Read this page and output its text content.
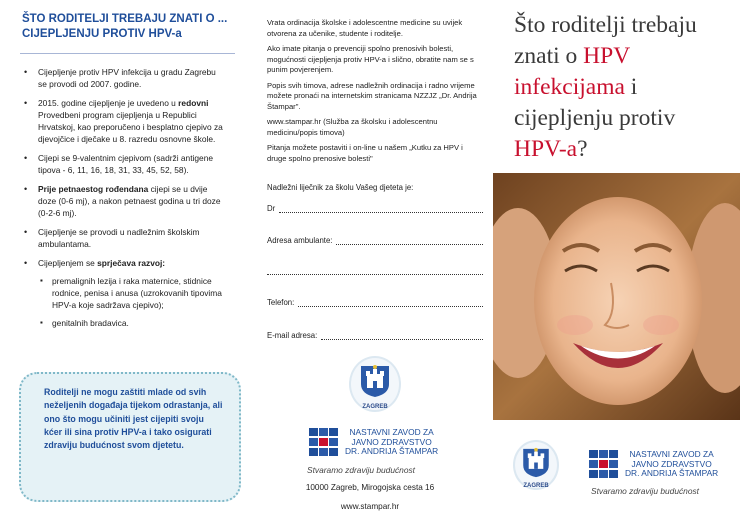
ŠTO RODITELJI TREBAJU ZNATI O ...
CIJEPLJENJU PROTIV HPV-a
• Cijepljenje protiv HPV infekcija u gradu Zagrebu se provodi od 2007. godine.
• 2015. godine cijepljenje je uvedeno u redovni Provedbeni program cijepljenja u Republici Hrvatskoj, kao preporučeno i besplatno cjepivo za djevojčice i dječake u 8. razredu osnovne škole.
• Cijepi se 9-valentnim cjepivom (sadrži antigene tipova - 6, 11, 16, 18, 31, 33, 45, 52, 58).
• Prije petnaestog rođendana cijepi se u dvije doze (0-6 mj), a nakon petnaest godina u tri doze (0-2-6 mj).
• Cijepljenje se provodi u nadležnim školskim ambulantama.
• Cijepljenjem se sprječava razvoj:
▪ premalignih lezija i raka maternice, stidnice rodnice, penisa i anusa (uzrokovanih tipovima HPV-a koje sadržava cjepivo);
▪ genitalnih bradavica.
Roditelji ne mogu zaštiti mlade od svih neželjenih događaja tijekom odrastanja, ali ono što mogu učiniti jest cijepiti svoju kćer ili sina protiv HPV-a i tako osigurati zdraviju budućnost svom djetetu.

Vrata ordinacija školske i adolescentne medicine su uvijek otvorena za učenike, studente i roditelje.

Ako imate pitanja o prevenciji spolno prenosivih bolesti, mogućnosti cijepljenja protiv HPV-a i slično, obratite nam se s punim povjerenjem.

Popis svih timova, adrese nadležnih ordinacija i radno vrijeme možete pronaći na internetskim stranicama NZZJZ „Dr. Andrija Štampar".

www.stampar.hr (Služba za školsku i adolescentnu medicinu/popis timova)

Pitanja možete postaviti i on-line u našem „Kutku za HPV i druge spolno prenosive bolesti"

Nadležni liječnik za školu Vašeg djeteta je:
Dr
Adresa ambulante:
Telefon:
E-mail adresa:
ZAGREB
NASTAVNI ZAVOD ZA
JAVNO ZDRAVSTVO
DR. ANDRIJA ŠTAMPAR
Stvaramo zdraviju budućnost
10000 Zagreb, Mirogojska cesta 16
www.stampar.hr
Što roditelji trebaju znati o HPV infekcijama i cijepljenju protiv HPV-a?
ZAGREB
NASTAVNI ZAVOD ZA
JAVNO ZDRAVSTVO
DR. ANDRIJA ŠTAMPAR
Stvaramo zdraviju budućnost
